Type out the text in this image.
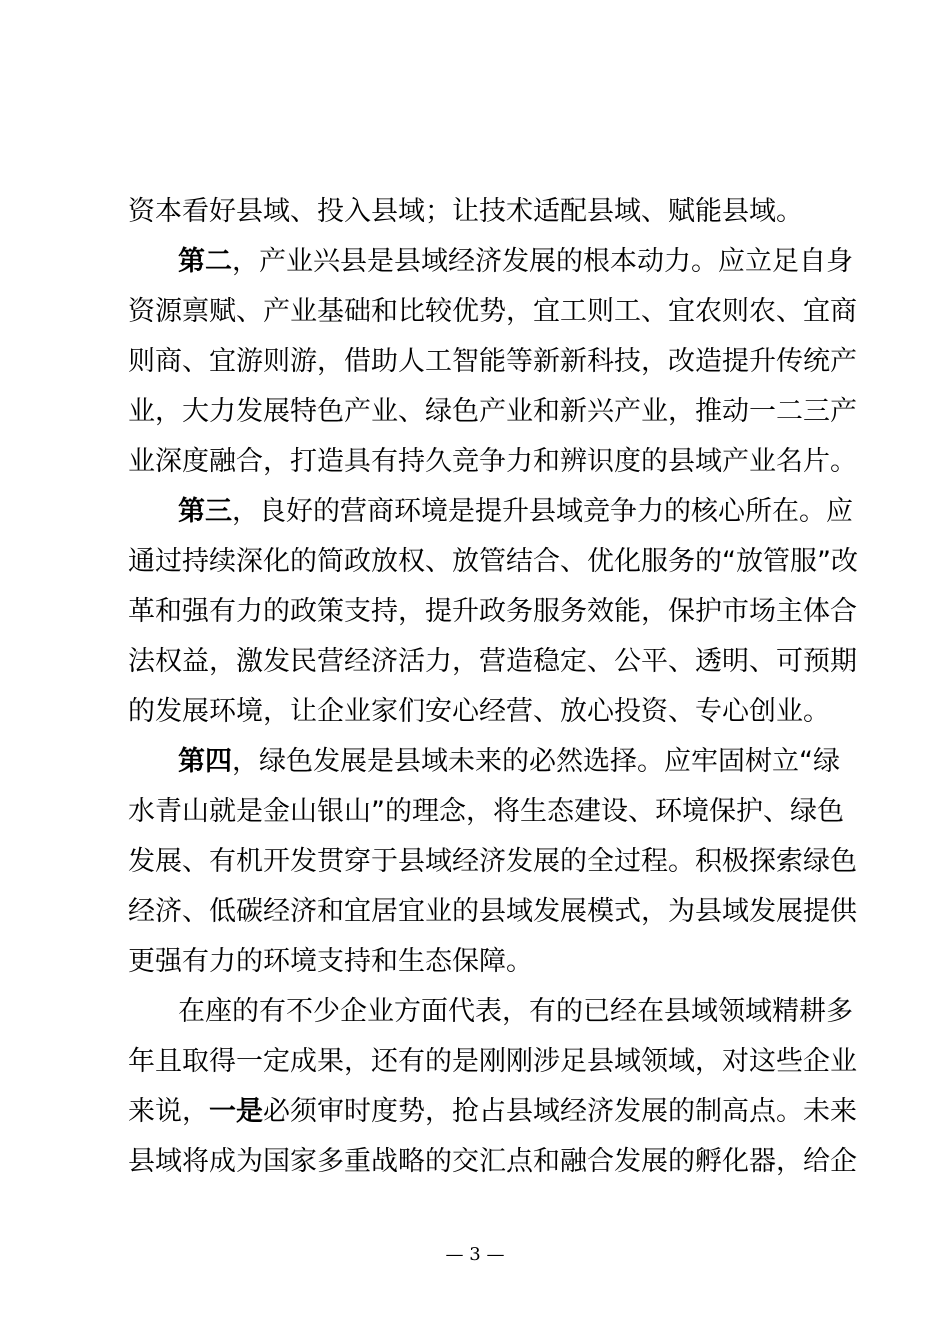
资本看好县域、投入县域；让技术适配县域、赋能县域。
第二，产业兴县是县域经济发展的根本动力。应立足自身
资源禀赋、产业基础和比较优势，宜工则工、宜农则农、宜商
则商、宜游则游，借助人工智能等新新科技，改造提升传统产
业，大力发展特色产业、绿色产业和新兴产业，推动一二三产
业深度融合，打造具有持久竞争力和辨识度的县域产业名片。
第三，良好的营商环境是提升县域竞争力的核心所在。应
通过持续深化的简政放权、放管结合、优化服务的“放管服”改
革和强有力的政策支持，提升政务服务效能，保护市场主体合
法权益，激发民营经济活力，营造稳定、公平、透明、可预期
的发展环境，让企业家们安心经营、放心投资、专心创业。
第四，绿色发展是县域未来的必然选择。应牢固树立“绿
水青山就是金山银山”的理念，将生态建设、环境保护、绿色
发展、有机开发贯穿于县域经济发展的全过程。积极探索绿色
经济、低碳经济和宜居宜业的县域发展模式，为县域发展提供
更强有力的环境支持和生态保障。
在座的有不少企业方面代表，有的已经在县域领域精耕多
年且取得一定成果，还有的是刚刚涉足县域领域，对这些企业
来说，一是必须审时度势，抢占县域经济发展的制高点。未来
县域将成为国家多重战略的交汇点和融合发展的孵化器，给企
— 3 —
